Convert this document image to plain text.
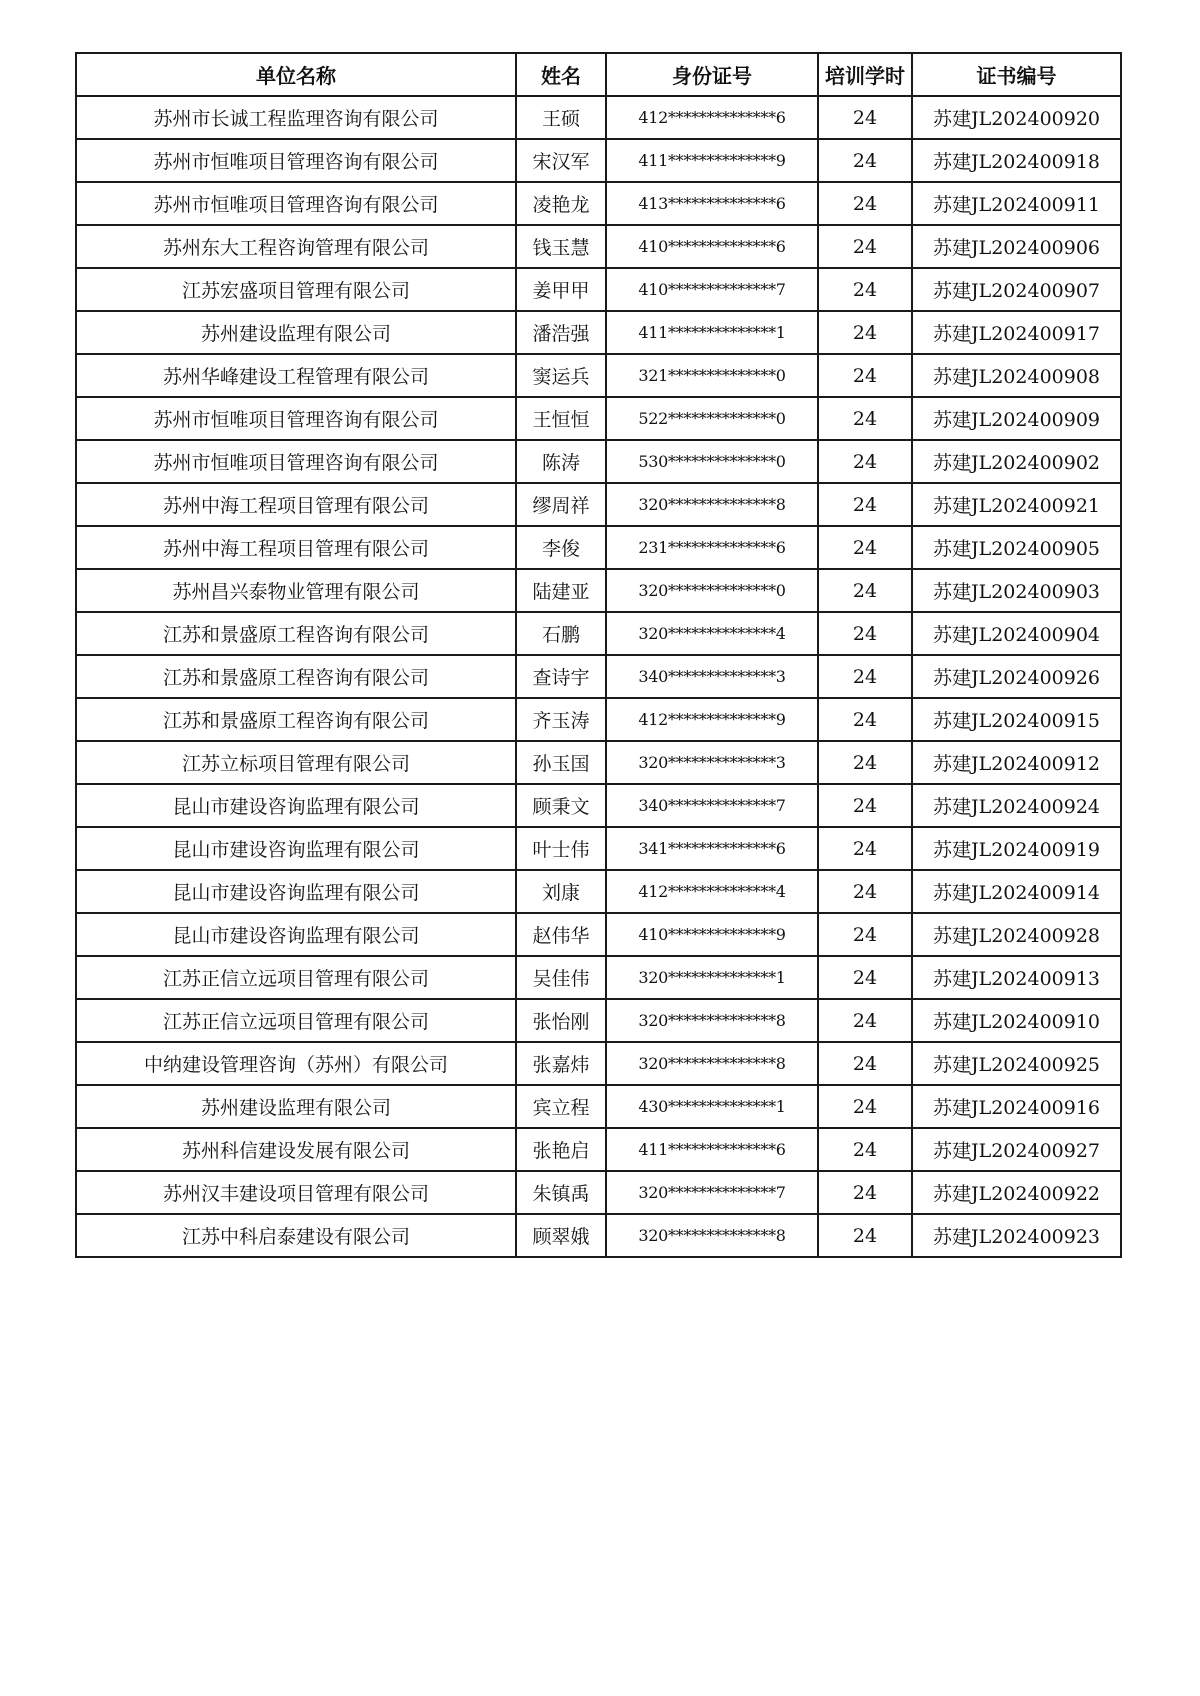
单位名称	姓名	身份证号	培训学时	证书编号
苏州市长诚工程监理咨询有限公司	王硕	412**************6	24	苏建JL202400920
苏州市恒唯项目管理咨询有限公司	宋汉军	411**************9	24	苏建JL202400918
苏州市恒唯项目管理咨询有限公司	凌艳龙	413**************6	24	苏建JL202400911
苏州东大工程咨询管理有限公司	钱玉慧	410**************6	24	苏建JL202400906
江苏宏盛项目管理有限公司	姜甲甲	410**************7	24	苏建JL202400907
苏州建设监理有限公司	潘浩强	411**************1	24	苏建JL202400917
苏州华峰建设工程管理有限公司	窦运兵	321**************0	24	苏建JL202400908
苏州市恒唯项目管理咨询有限公司	王恒恒	522**************0	24	苏建JL202400909
苏州市恒唯项目管理咨询有限公司	陈涛	530**************0	24	苏建JL202400902
苏州中海工程项目管理有限公司	缪周祥	320**************8	24	苏建JL202400921
苏州中海工程项目管理有限公司	李俊	231**************6	24	苏建JL202400905
苏州昌兴泰物业管理有限公司	陆建亚	320**************0	24	苏建JL202400903
江苏和景盛原工程咨询有限公司	石鹏	320**************4	24	苏建JL202400904
江苏和景盛原工程咨询有限公司	查诗宇	340**************3	24	苏建JL202400926
江苏和景盛原工程咨询有限公司	齐玉涛	412**************9	24	苏建JL202400915
江苏立标项目管理有限公司	孙玉国	320**************3	24	苏建JL202400912
昆山市建设咨询监理有限公司	顾秉文	340**************7	24	苏建JL202400924
昆山市建设咨询监理有限公司	叶士伟	341**************6	24	苏建JL202400919
昆山市建设咨询监理有限公司	刘康	412**************4	24	苏建JL202400914
昆山市建设咨询监理有限公司	赵伟华	410**************9	24	苏建JL202400928
江苏正信立远项目管理有限公司	吴佳伟	320**************1	24	苏建JL202400913
江苏正信立远项目管理有限公司	张怡刚	320**************8	24	苏建JL202400910
中纳建设管理咨询（苏州）有限公司	张嘉炜	320**************8	24	苏建JL202400925
苏州建设监理有限公司	宾立程	430**************1	24	苏建JL202400916
苏州科信建设发展有限公司	张艳启	411**************6	24	苏建JL202400927
苏州汉丰建设项目管理有限公司	朱镇禹	320**************7	24	苏建JL202400922
江苏中科启泰建设有限公司	顾翠娥	320**************8	24	苏建JL202400923
